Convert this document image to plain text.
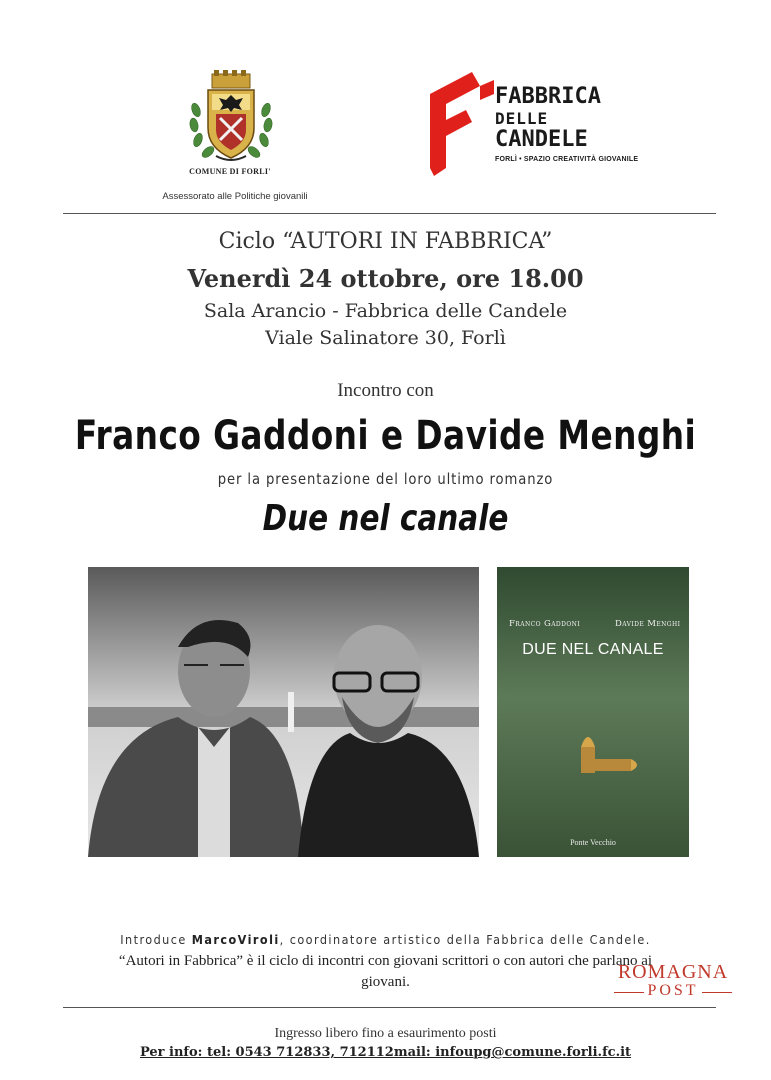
COMUNE DI FORLI'
Assessorato alle Politiche giovanili
FABBRICA
DELLE
CANDELE
FORLÌ • SPAZIO CREATIVITÀ GIOVANILE
Ciclo “AUTORI IN FABBRICA”
Venerdì 24 ottobre, ore 18.00
Sala Arancio - Fabbrica delle Candele
Viale Salinatore 30, Forlì
Incontro con
Franco Gaddoni e Davide Menghi
per la presentazione del loro ultimo romanzo
Due nel canale
Franco Gaddoni	Davide Menghi
DUE NEL CANALE
Ponte Vecchio
Introduce MarcoViroli, coordinatore artistico della Fabbrica delle Candele.
“Autori in Fabbrica” è il ciclo di incontri con giovani scrittori o con autori che parlano ai
giovani.	ROMAGNA
POST
Ingresso libero fino a esaurimento posti
Per info: tel: 0543 712833, 712112mail: infoupg@comune.forli.fc.it
